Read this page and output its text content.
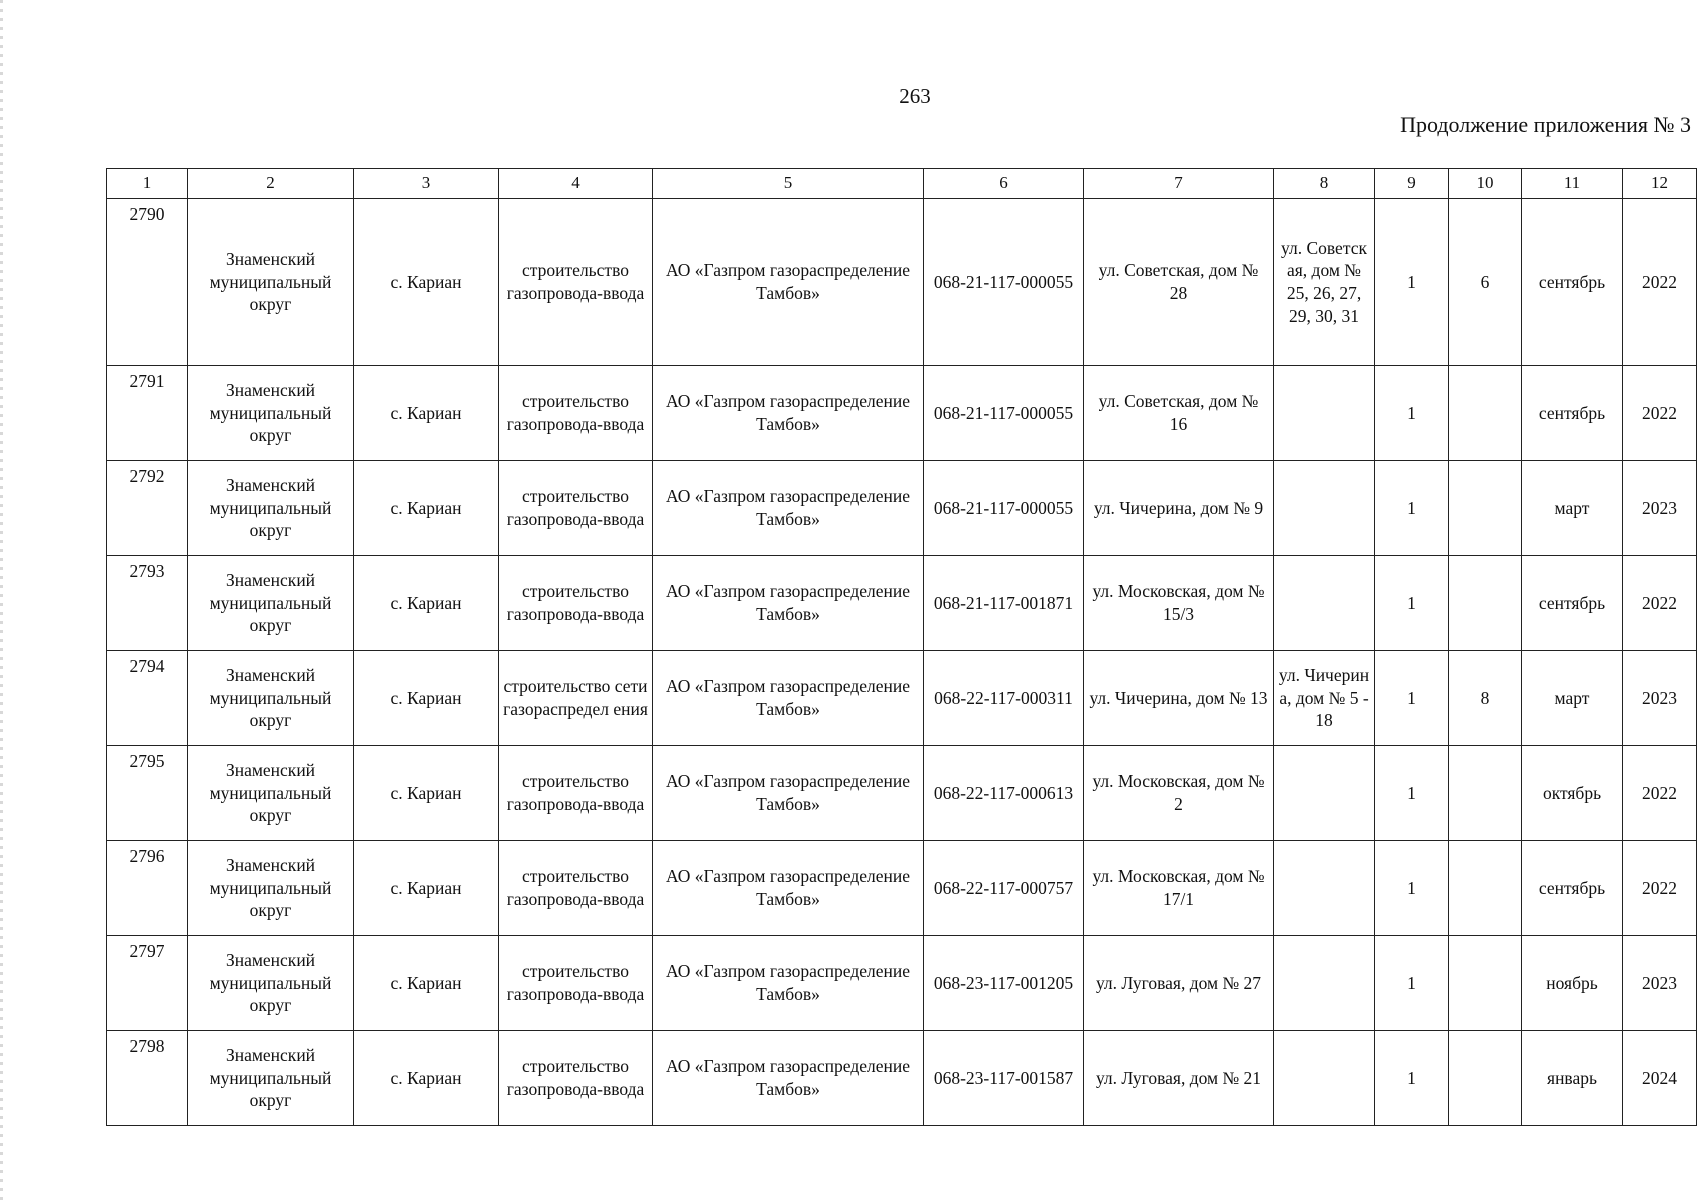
263
Продолжение приложения № 3
1	2	3	4	5	6	7	8	9	10	11	12
2790	Знаменский муниципальный округ	с. Кариан	строительство газопровода-ввода	АО «Газпром газораспределение Тамбов»	068-21-117-000055	ул. Советская, дом № 28	ул. Советск ая, дом № 25, 26, 27, 29, 30, 31	1	6	сентябрь	2022
2791	Знаменский муниципальный округ	с. Кариан	строительство газопровода-ввода	АО «Газпром газораспределение Тамбов»	068-21-117-000055	ул. Советская, дом № 16		1		сентябрь	2022
2792	Знаменский муниципальный округ	с. Кариан	строительство газопровода-ввода	АО «Газпром газораспределение Тамбов»	068-21-117-000055	ул. Чичерина, дом № 9		1		март	2023
2793	Знаменский муниципальный округ	с. Кариан	строительство газопровода-ввода	АО «Газпром газораспределение Тамбов»	068-21-117-001871	ул. Московская, дом № 15/3		1		сентябрь	2022
2794	Знаменский муниципальный округ	с. Кариан	строительство сети газораспредел ения	АО «Газпром газораспределение Тамбов»	068-22-117-000311	ул. Чичерина, дом № 13	ул. Чичерин а, дом № 5 - 18	1	8	март	2023
2795	Знаменский муниципальный округ	с. Кариан	строительство газопровода-ввода	АО «Газпром газораспределение Тамбов»	068-22-117-000613	ул. Московская, дом № 2		1		октябрь	2022
2796	Знаменский муниципальный округ	с. Кариан	строительство газопровода-ввода	АО «Газпром газораспределение Тамбов»	068-22-117-000757	ул. Московская, дом № 17/1		1		сентябрь	2022
2797	Знаменский муниципальный округ	с. Кариан	строительство газопровода-ввода	АО «Газпром газораспределение Тамбов»	068-23-117-001205	ул. Луговая, дом № 27		1		ноябрь	2023
2798	Знаменский муниципальный округ	с. Кариан	строительство газопровода-ввода	АО «Газпром газораспределение Тамбов»	068-23-117-001587	ул. Луговая, дом № 21		1		январь	2024
